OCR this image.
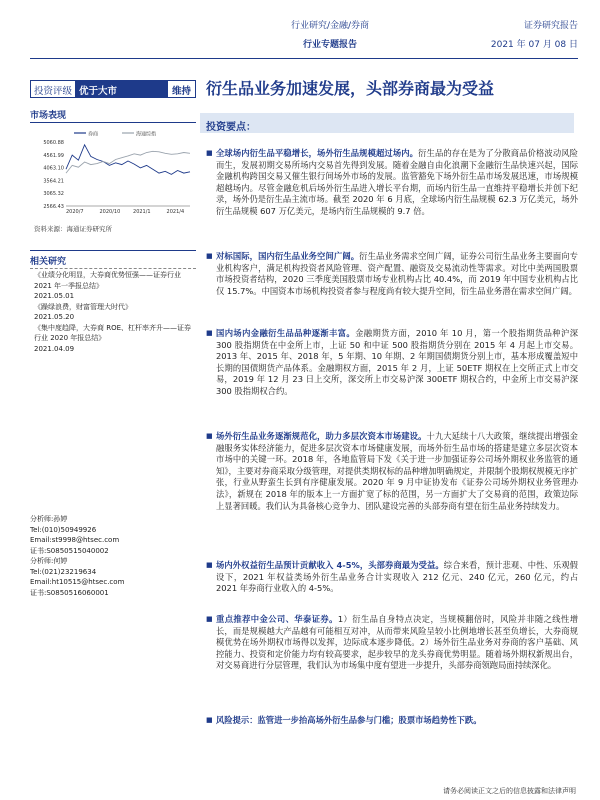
行业研究/金融/券商
行业专题报告
证券研究报告
2021 年 07 月 08 日
投资评级 优于大市	维持 衍生品业务加速发展，头部券商最为受益
市场表现
券商	海通综指
5060.88
4561.99
4063.10
3564.21
3065.32
2566.43
2020/7	2020/10	2021/1	2021/4
资料来源：海通证券研究所
相关研究
《业绩分化明显，大券商优势恒强——证券行业 2021 年一季报总结》
2021.05.01
《躁绿浪费，财富管理大时代》
2021.05.20
《集中度趋降，大券商 ROE、杠杆率齐升——证券行业 2020 年报总结》
2021.04.09
分析师:孙婷
Tel:(010)50949926
Email:st9998@htsec.com
证书:S0850515040002
分析师:何婷
Tel:(021)23219634
Email:ht10515@htsec.com
证书:S0850516060001
投资要点：
■ 全球场内衍生品平稳增长，场外衍生品规模超过场内。衍生品的存在是为了分散商品价格波动风险而生，发展初期交易所场内交易首先得到发展。随着金融自由化浪潮下金融衍生品快速兴起，国际金融机构跨国交易又催生银行间场外市场的发展。监管豁免下场外衍生品市场发展迅速，市场规模超越场内。尽管金融危机后场外衍生品进入增长平台期，而场内衍生品一直维持平稳增长并创下纪录，场外仍是衍生品主流市场。截至 2020 年 6 月底，全球场内衍生品规模 62.3 万亿美元，场外衍生品规模 607 万亿美元，是场内衍生品规模的 9.7 倍。
■ 对标国际，国内衍生品业务空间广阔。衍生品业务需求空间广阔，证券公司衍生品业务主要面向专业机构客户，满足机构投资者风险管理、资产配置、融资及交易流动性等需求。对比中美两国股票市场投资者结构，2020 三季度美国股票市场专业机构占比 40.4%，而 2019 年中国专业机构占比仅 15.7%。中国资本市场机构投资者参与程度尚有较大提升空间，衍生品业务潜在需求空间广阔。
■ 国内场内金融衍生品品种逐渐丰富。金融期货方面，2010 年 10 月，第一个股指期货品种沪深 300 股指期货在中金所上市，上证 50 和中证 500 股指期货分别在 2015 年 4 月起上市交易。2013 年、2015 年、2018 年，5 年期、10 年期、2 年期国债期货分别上市，基本形成覆盖短中长期的国债期货产品体系。金融期权方面，2015 年 2 月，上证 50ETF 期权在上交所正式上市交易，2019 年 12 月 23 日上交所，深交所上市交易沪深 300ETF 期权合约，中金所上市交易沪深 300 股指期权合约。
■ 场外衍生品业务逐渐规范化，助力多层次资本市场建设。十九大延续十八大政策，继续提出增强金融服务实体经济能力，促进多层次资本市场健康发展，而场外衍生品市场的搭建是建立多层次资本市场中的关键一环。2018 年，各地监管局下发《关于进一步加强证券公司场外期权业务监管的通知》，主要对券商采取分级管理，对提供类期权标的品种增加明确规定，并限制个股期权规模无序扩张，行业从野蛮生长到有序健康发展。2020 年 9 月中证协发布《证券公司场外期权业务管理办法》，新规在 2018 年的版本上一方面扩宽了标的范围，另一方面扩大了交易商的范围，政策边际上显著回暖。我们认为具备核心竞争力、团队建设完善的头部券商有望在衍生品业务持续发力。
■ 场内外权益衍生品预计贡献收入 4-5%，头部券商最为受益。综合来看，预计悲观、中性、乐观假设下，2021 年权益类场外衍生品业务合计实现收入 212 亿元、240 亿元，260 亿元，约占 2021 年券商行业收入的 4-5%。
■ 重点推荐中金公司、华泰证券。1）衍生品自身特点决定，当规模翻倍时，风险并非随之线性增长，而是规模越大产品越有可能相互对冲，从而带来风险呈较小比例地增长甚至负增长，大券商规模优势在场外期权市场得以发挥，边际成本逐步降低。2）场外衍生品业务对券商的客户基础、风控能力、投资和定价能力均有较高要求，起步较早的龙头券商优势明显。随着场外期权新规出台，对交易商进行分层管理，我们认为市场集中度有望进一步提升，头部券商领跑局面持续深化。
■ 风险提示：监管进一步抬高场外衍生品参与门槛；股票市场趋势性下跌。
请务必阅读正文之后的信息披露和法律声明
